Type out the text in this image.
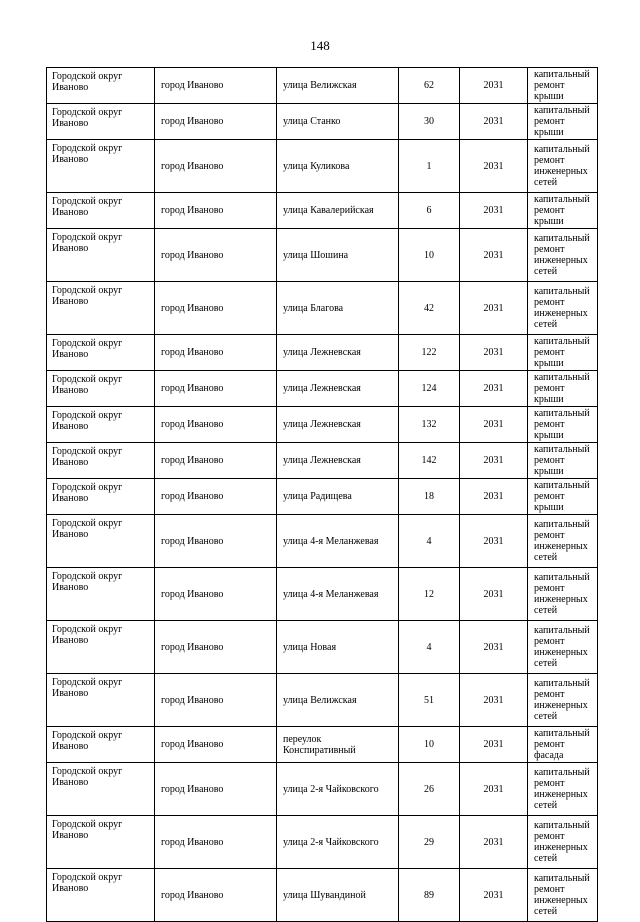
148
Городской округ Иваново	город Иваново	улица Велижская	62	2031	капитальный ремонт крыши
Городской округ Иваново	город Иваново	улица Станко	30	2031	капитальный ремонт крыши
Городской округ Иваново	город Иваново	улица Куликова	1	2031	капитальный ремонт инженерных сетей
Городской округ Иваново	город Иваново	улица Кавалерийская	6	2031	капитальный ремонт крыши
Городской округ Иваново	город Иваново	улица Шошина	10	2031	капитальный ремонт инженерных сетей
Городской округ Иваново	город Иваново	улица Благова	42	2031	капитальный ремонт инженерных сетей
Городской округ Иваново	город Иваново	улица Лежневская	122	2031	капитальный ремонт крыши
Городской округ Иваново	город Иваново	улица Лежневская	124	2031	капитальный ремонт крыши
Городской округ Иваново	город Иваново	улица Лежневская	132	2031	капитальный ремонт крыши
Городской округ Иваново	город Иваново	улица Лежневская	142	2031	капитальный ремонт крыши
Городской округ Иваново	город Иваново	улица Радищева	18	2031	капитальный ремонт крыши
Городской округ Иваново	город Иваново	улица 4-я Меланжевая	4	2031	капитальный ремонт инженерных сетей
Городской округ Иваново	город Иваново	улица 4-я Меланжевая	12	2031	капитальный ремонт инженерных сетей
Городской округ Иваново	город Иваново	улица Новая	4	2031	капитальный ремонт инженерных сетей
Городской округ Иваново	город Иваново	улица Велижская	51	2031	капитальный ремонт инженерных сетей
Городской округ Иваново	город Иваново	переулок Конспиративный	10	2031	капитальный ремонт фасада
Городской округ Иваново	город Иваново	улица 2-я Чайковского	26	2031	капитальный ремонт инженерных сетей
Городской округ Иваново	город Иваново	улица 2-я Чайковского	29	2031	капитальный ремонт инженерных сетей
Городской округ Иваново	город Иваново	улица Шувандиной	89	2031	капитальный ремонт инженерных сетей
